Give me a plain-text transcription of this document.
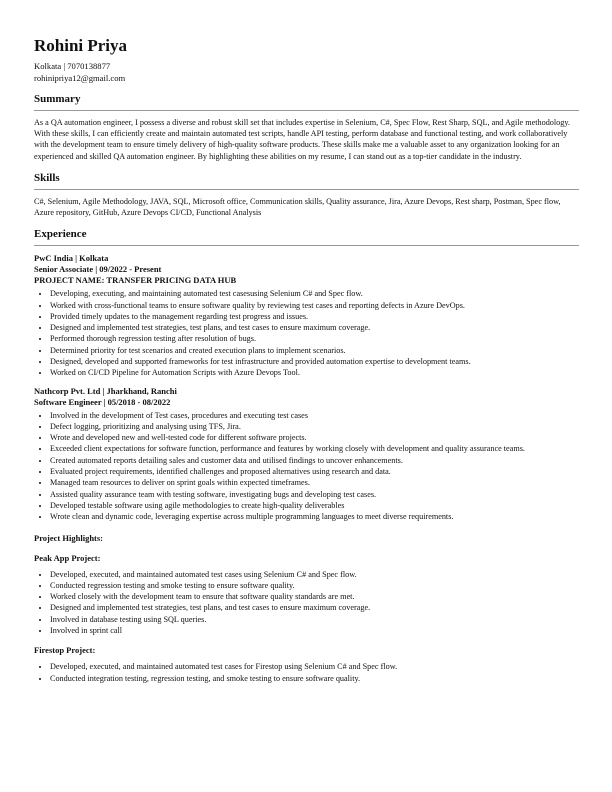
Rohini Priya
Kolkata | 7070138877
rohinipriya12@gmail.com
Summary
As a QA automation engineer, I possess a diverse and robust skill set that includes expertise in Selenium, C#, Spec Flow, Rest Sharp, SQL, and Agile methodology. With these skills, I can efficiently create and maintain automated test scripts, handle API testing, perform database and functional testing, and work collaboratively with the development team to ensure timely delivery of high-quality software products. These skills make me a valuable asset to any organization looking for an experienced and skilled QA automation engineer. By highlighting these abilities on my resume, I can stand out as a top-tier candidate in the industry.
Skills
C#, Selenium, Agile Methodology, JAVA, SQL, Microsoft office, Communication skills, Quality assurance, Jira, Azure Devops, Rest sharp, Postman, Spec flow, Azure repository, GitHub, Azure Devops CI/CD, Functional Analysis
Experience
PwC India | Kolkata
Senior Associate | 09/2022 - Present
PROJECT NAME: TRANSFER PRICING DATA HUB
• Developing, executing, and maintaining automated test casesusing Selenium C# and Spec flow.
• Worked with cross-functional teams to ensure software quality by reviewing test cases and reporting defects in Azure DevOps.
• Provided timely updates to the management regarding test progress and issues.
• Designed and implemented test strategies, test plans, and test cases to ensure maximum coverage.
• Performed thorough regression testing after resolution of bugs.
• Determined priority for test scenarios and created execution plans to implement scenarios.
• Designed, developed and supported frameworks for test infrastructure and provided automation expertise to development teams.
• Worked on CI/CD Pipeline for Automation Scripts with Azure Devops Tool.
Nathcorp Pvt. Ltd | Jharkhand, Ranchi
Software Engineer | 05/2018 - 08/2022
• Involved in the development of Test cases, procedures and executing test cases
• Defect logging, prioritizing and analysing using TFS, Jira.
• Wrote and developed new and well-tested code for different software projects.
• Exceeded client expectations for software function, performance and features by working closely with development and quality assurance teams.
• Created automated reports detailing sales and customer data and utilised findings to uncover enhancements.
• Evaluated project requirements, identified challenges and proposed alternatives using research and data.
• Managed team resources to deliver on sprint goals within expected timeframes.
• Assisted quality assurance team with testing software, investigating bugs and developing test cases.
• Developed testable software using agile methodologies to create high-quality deliverables
• Wrote clean and dynamic code, leveraging expertise across multiple programming languages to meet diverse requirements.
Project Highlights:
Peak App Project:
• Developed, executed, and maintained automated test cases using Selenium C# and Spec flow.
• Conducted regression testing and smoke testing to ensure software quality.
• Worked closely with the development team to ensure that software quality standards are met.
• Designed and implemented test strategies, test plans, and test cases to ensure maximum coverage.
• Involved in database testing using SQL queries.
• Involved in sprint call
Firestop Project:
• Developed, executed, and maintained automated test cases for Firestop using Selenium C# and Spec flow.
• Conducted integration testing, regression testing, and smoke testing to ensure software quality.
